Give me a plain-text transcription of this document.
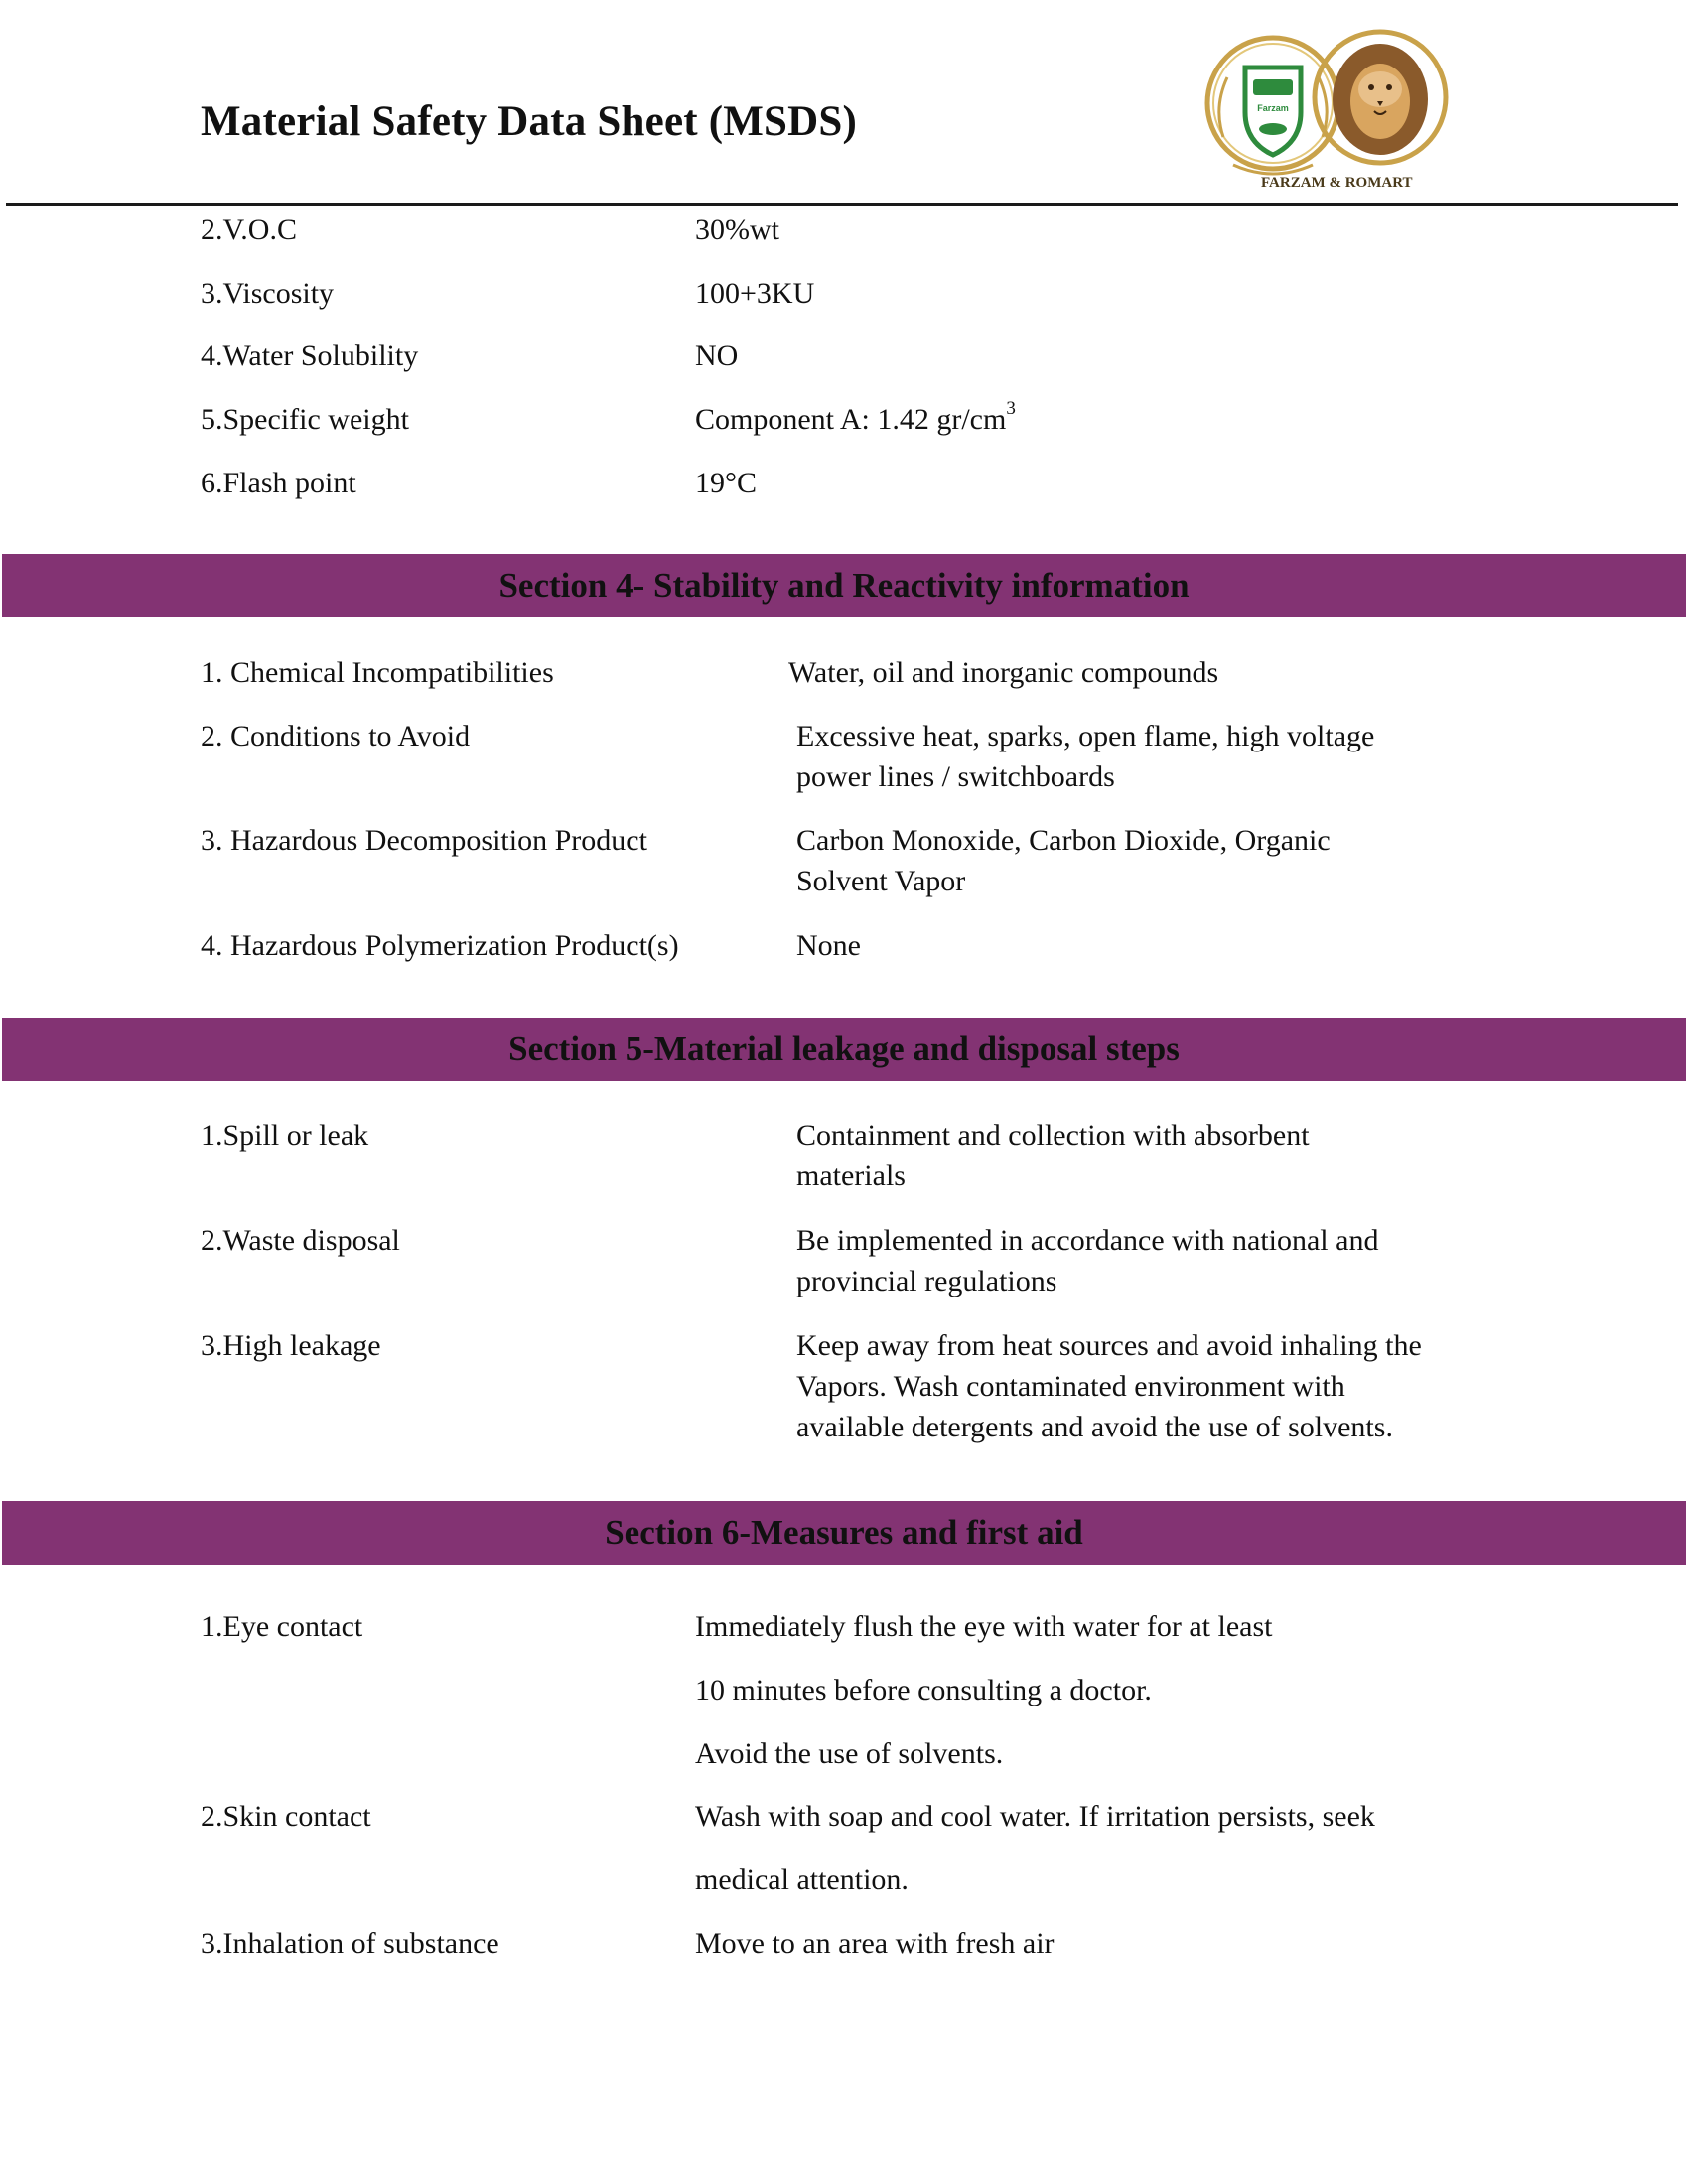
Material Safety Data Sheet (MSDS)	Farzam
FARZAM & ROMART
2.V.O.C	30%wt
3.Viscosity	100+3KU
4.Water Solubility	NO
5.Specific weight	Component A: 1.42 $gr/cm^3$
6.Flash point	19°C
Section 4- Stability and Reactivity information
1. Chemical Incompatibilities	Water, oil and inorganic compounds
2. Conditions to Avoid	Excessive heat, sparks, open flame, high voltage
power lines / switchboards
3. Hazardous Decomposition Product	Carbon Monoxide, Carbon Dioxide, Organic
Solvent Vapor
4. Hazardous Polymerization Product(s)	None
Section 5-Material leakage and disposal steps
1.Spill or leak	Containment and collection with absorbent
materials
2.Waste disposal	Be implemented in accordance with national and
provincial regulations
3.High leakage	Keep away from heat sources and avoid inhaling the
Vapors. Wash contaminated environment with
available detergents and avoid the use of solvents.
Section 6-Measures and first aid
1.Eye contact	Immediately flush the eye with water for at least
10 minutes before consulting a doctor.
Avoid the use of solvents.
2.Skin contact	Wash with soap and cool water. If irritation persists, seek
medical attention.
3.Inhalation of substance	Move to an area with fresh air
